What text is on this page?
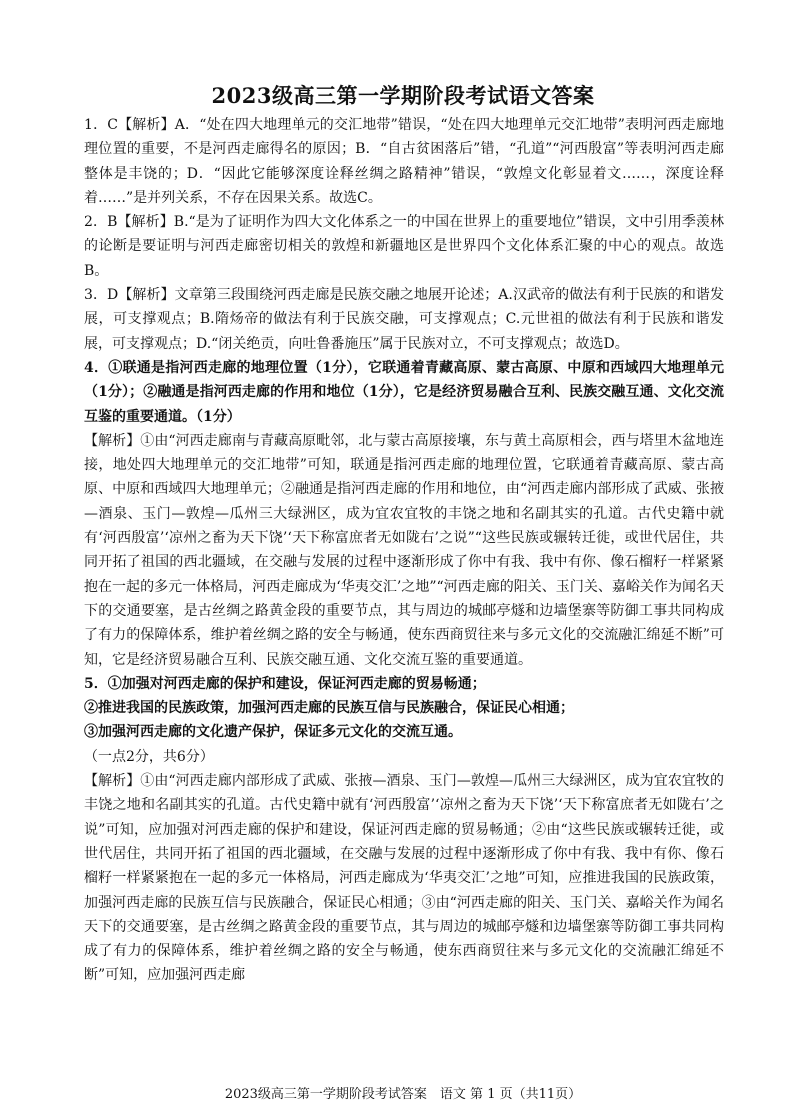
2023级高三第一学期阶段考试语文答案

1．C【解析】A．“处在四大地理单元的交汇地带”错误，“处在四大地理单元交汇地带”表明河西走廊地理位置的重要，不是河西走廊得名的原因；B．“自古贫困落后”错，“孔道”“河西殷富”等表明河西走廊整体是丰饶的；D．“因此它能够深度诠释丝绸之路精神”错误，“敦煌文化彰显着文……，深度诠释着……”是并列关系，不存在因果关系。故选C。

2．B【解析】B.“是为了证明作为四大文化体系之一的中国在世界上的重要地位”错误，文中引用季羡林的论断是要证明与河西走廊密切相关的敦煌和新疆地区是世界四个文化体系汇聚的中心的观点。故选B。

3．D【解析】文章第三段围绕河西走廊是民族交融之地展开论述；A.汉武帝的做法有利于民族的和谐发展，可支撑观点；B.隋炀帝的做法有利于民族交融，可支撑观点；C.元世祖的做法有利于民族和谐发展，可支撑观点；D.“闭关绝贡，向吐鲁番施压”属于民族对立，不可支撑观点；故选D。

4．①联通是指河西走廊的地理位置（1分），它联通着青藏高原、蒙古高原、中原和西域四大地理单元（1分）；②融通是指河西走廊的作用和地位（1分），它是经济贸易融合互利、民族交融互通、文化交流互鉴的重要通道。（1分）

【解析】①由“河西走廊南与青藏高原毗邻，北与蒙古高原接壤，东与黄土高原相会，西与塔里木盆地连接，地处四大地理单元的交汇地带”可知，联通是指河西走廊的地理位置，它联通着青藏高原、蒙古高原、中原和西域四大地理单元；②融通是指河西走廊的作用和地位，由“河西走廊内部形成了武威、张掖—酒泉、玉门—敦煌—瓜州三大绿洲区，成为宜农宜牧的丰饶之地和名副其实的孔道。古代史籍中就有‘河西殷富’‘凉州之畜为天下饶’‘天下称富庶者无如陇右’之说”“这些民族或辗转迁徙，或世代居住，共同开拓了祖国的西北疆域，在交融与发展的过程中逐渐形成了你中有我、我中有你、像石榴籽一样紧紧抱在一起的多元一体格局，河西走廊成为‘华夷交汇’之地”“河西走廊的阳关、玉门关、嘉峪关作为闻名天下的交通要塞，是古丝绸之路黄金段的重要节点，其与周边的城邮亭燧和边墙堡寨等防御工事共同构成了有力的保障体系，维护着丝绸之路的安全与畅通，使东西商贸往来与多元文化的交流融汇绵延不断”可知，它是经济贸易融合互利、民族交融互通、文化交流互鉴的重要通道。

5．①加强对河西走廊的保护和建设，保证河西走廊的贸易畅通；

②推进我国的民族政策，加强河西走廊的民族互信与民族融合，保证民心相通；

③加强河西走廊的文化遗产保护，保证多元文化的交流互通。

（一点2分，共6分）

【解析】①由“河西走廊内部形成了武威、张掖—酒泉、玉门—敦煌—瓜州三大绿洲区，成为宜农宜牧的丰饶之地和名副其实的孔道。古代史籍中就有‘河西殷富’‘凉州之畜为天下饶’‘天下称富庶者无如陇右’之说”可知，应加强对河西走廊的保护和建设，保证河西走廊的贸易畅通；②由“这些民族或辗转迁徙，或世代居住，共同开拓了祖国的西北疆域，在交融与发展的过程中逐渐形成了你中有我、我中有你、像石榴籽一样紧紧抱在一起的多元一体格局，河西走廊成为‘华夷交汇’之地”可知，应推进我国的民族政策，加强河西走廊的民族互信与民族融合，保证民心相通；③由“河西走廊的阳关、玉门关、嘉峪关作为闻名天下的交通要塞，是古丝绸之路黄金段的重要节点，其与周边的城邮亭燧和边墙堡寨等防御工事共同构成了有力的保障体系，维护着丝绸之路的安全与畅通，使东西商贸往来与多元文化的交流融汇绵延不断”可知，应加强河西走廊

2023级高三第一学期阶段考试答案　语文 第 1 页（共11页）
